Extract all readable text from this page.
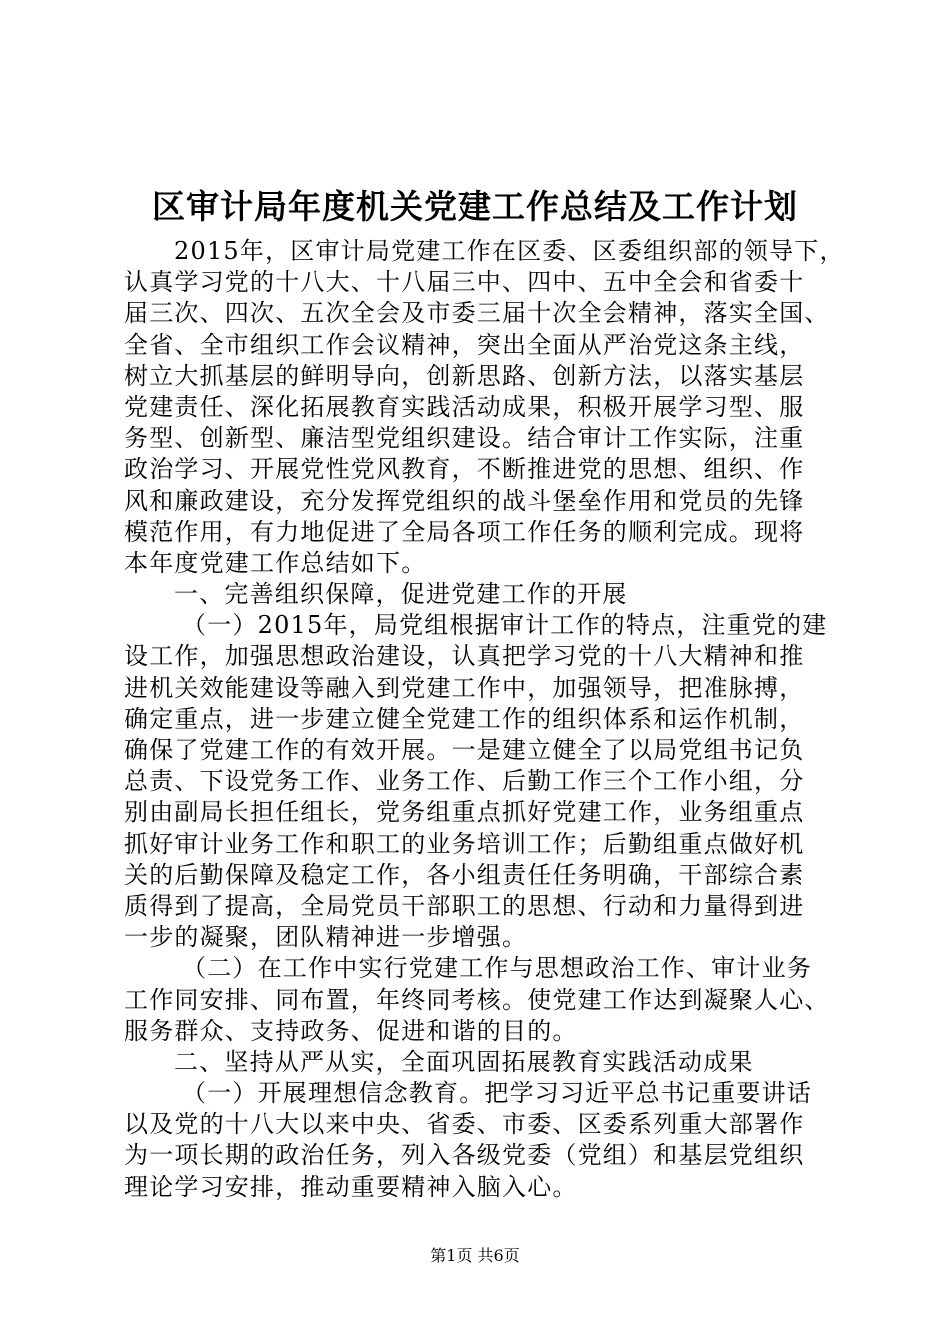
区审计局年度机关党建工作总结及工作计划
2015年，区审计局党建工作在区委、区委组织部的领导下，
认真学习党的十八大、十八届三中、四中、五中全会和省委十
届三次、四次、五次全会及市委三届十次全会精神，落实全国、
全省、全市组织工作会议精神，突出全面从严治党这条主线，
树立大抓基层的鲜明导向，创新思路、创新方法，以落实基层
党建责任、深化拓展教育实践活动成果，积极开展学习型、服
务型、创新型、廉洁型党组织建设。结合审计工作实际，注重
政治学习、开展党性党风教育，不断推进党的思想、组织、作
风和廉政建设，充分发挥党组织的战斗堡垒作用和党员的先锋
模范作用，有力地促进了全局各项工作任务的顺利完成。现将
本年度党建工作总结如下。
一、完善组织保障，促进党建工作的开展
（一）2015年，局党组根据审计工作的特点，注重党的建
设工作，加强思想政治建设，认真把学习党的十八大精神和推
进机关效能建设等融入到党建工作中，加强领导，把准脉搏，
确定重点，进一步建立健全党建工作的组织体系和运作机制，
确保了党建工作的有效开展。一是建立健全了以局党组书记负
总责、下设党务工作、业务工作、后勤工作三个工作小组，分
别由副局长担任组长，党务组重点抓好党建工作，业务组重点
抓好审计业务工作和职工的业务培训工作；后勤组重点做好机
关的后勤保障及稳定工作，各小组责任任务明确，干部综合素
质得到了提高，全局党员干部职工的思想、行动和力量得到进
一步的凝聚，团队精神进一步增强。
（二）在工作中实行党建工作与思想政治工作、审计业务
工作同安排、同布置，年终同考核。使党建工作达到凝聚人心、
服务群众、支持政务、促进和谐的目的。
二、坚持从严从实，全面巩固拓展教育实践活动成果
（一）开展理想信念教育。把学习习近平总书记重要讲话
以及党的十八大以来中央、省委、市委、区委系列重大部署作
为一项长期的政治任务，列入各级党委（党组）和基层党组织
理论学习安排，推动重要精神入脑入心。
第1页 共6页
